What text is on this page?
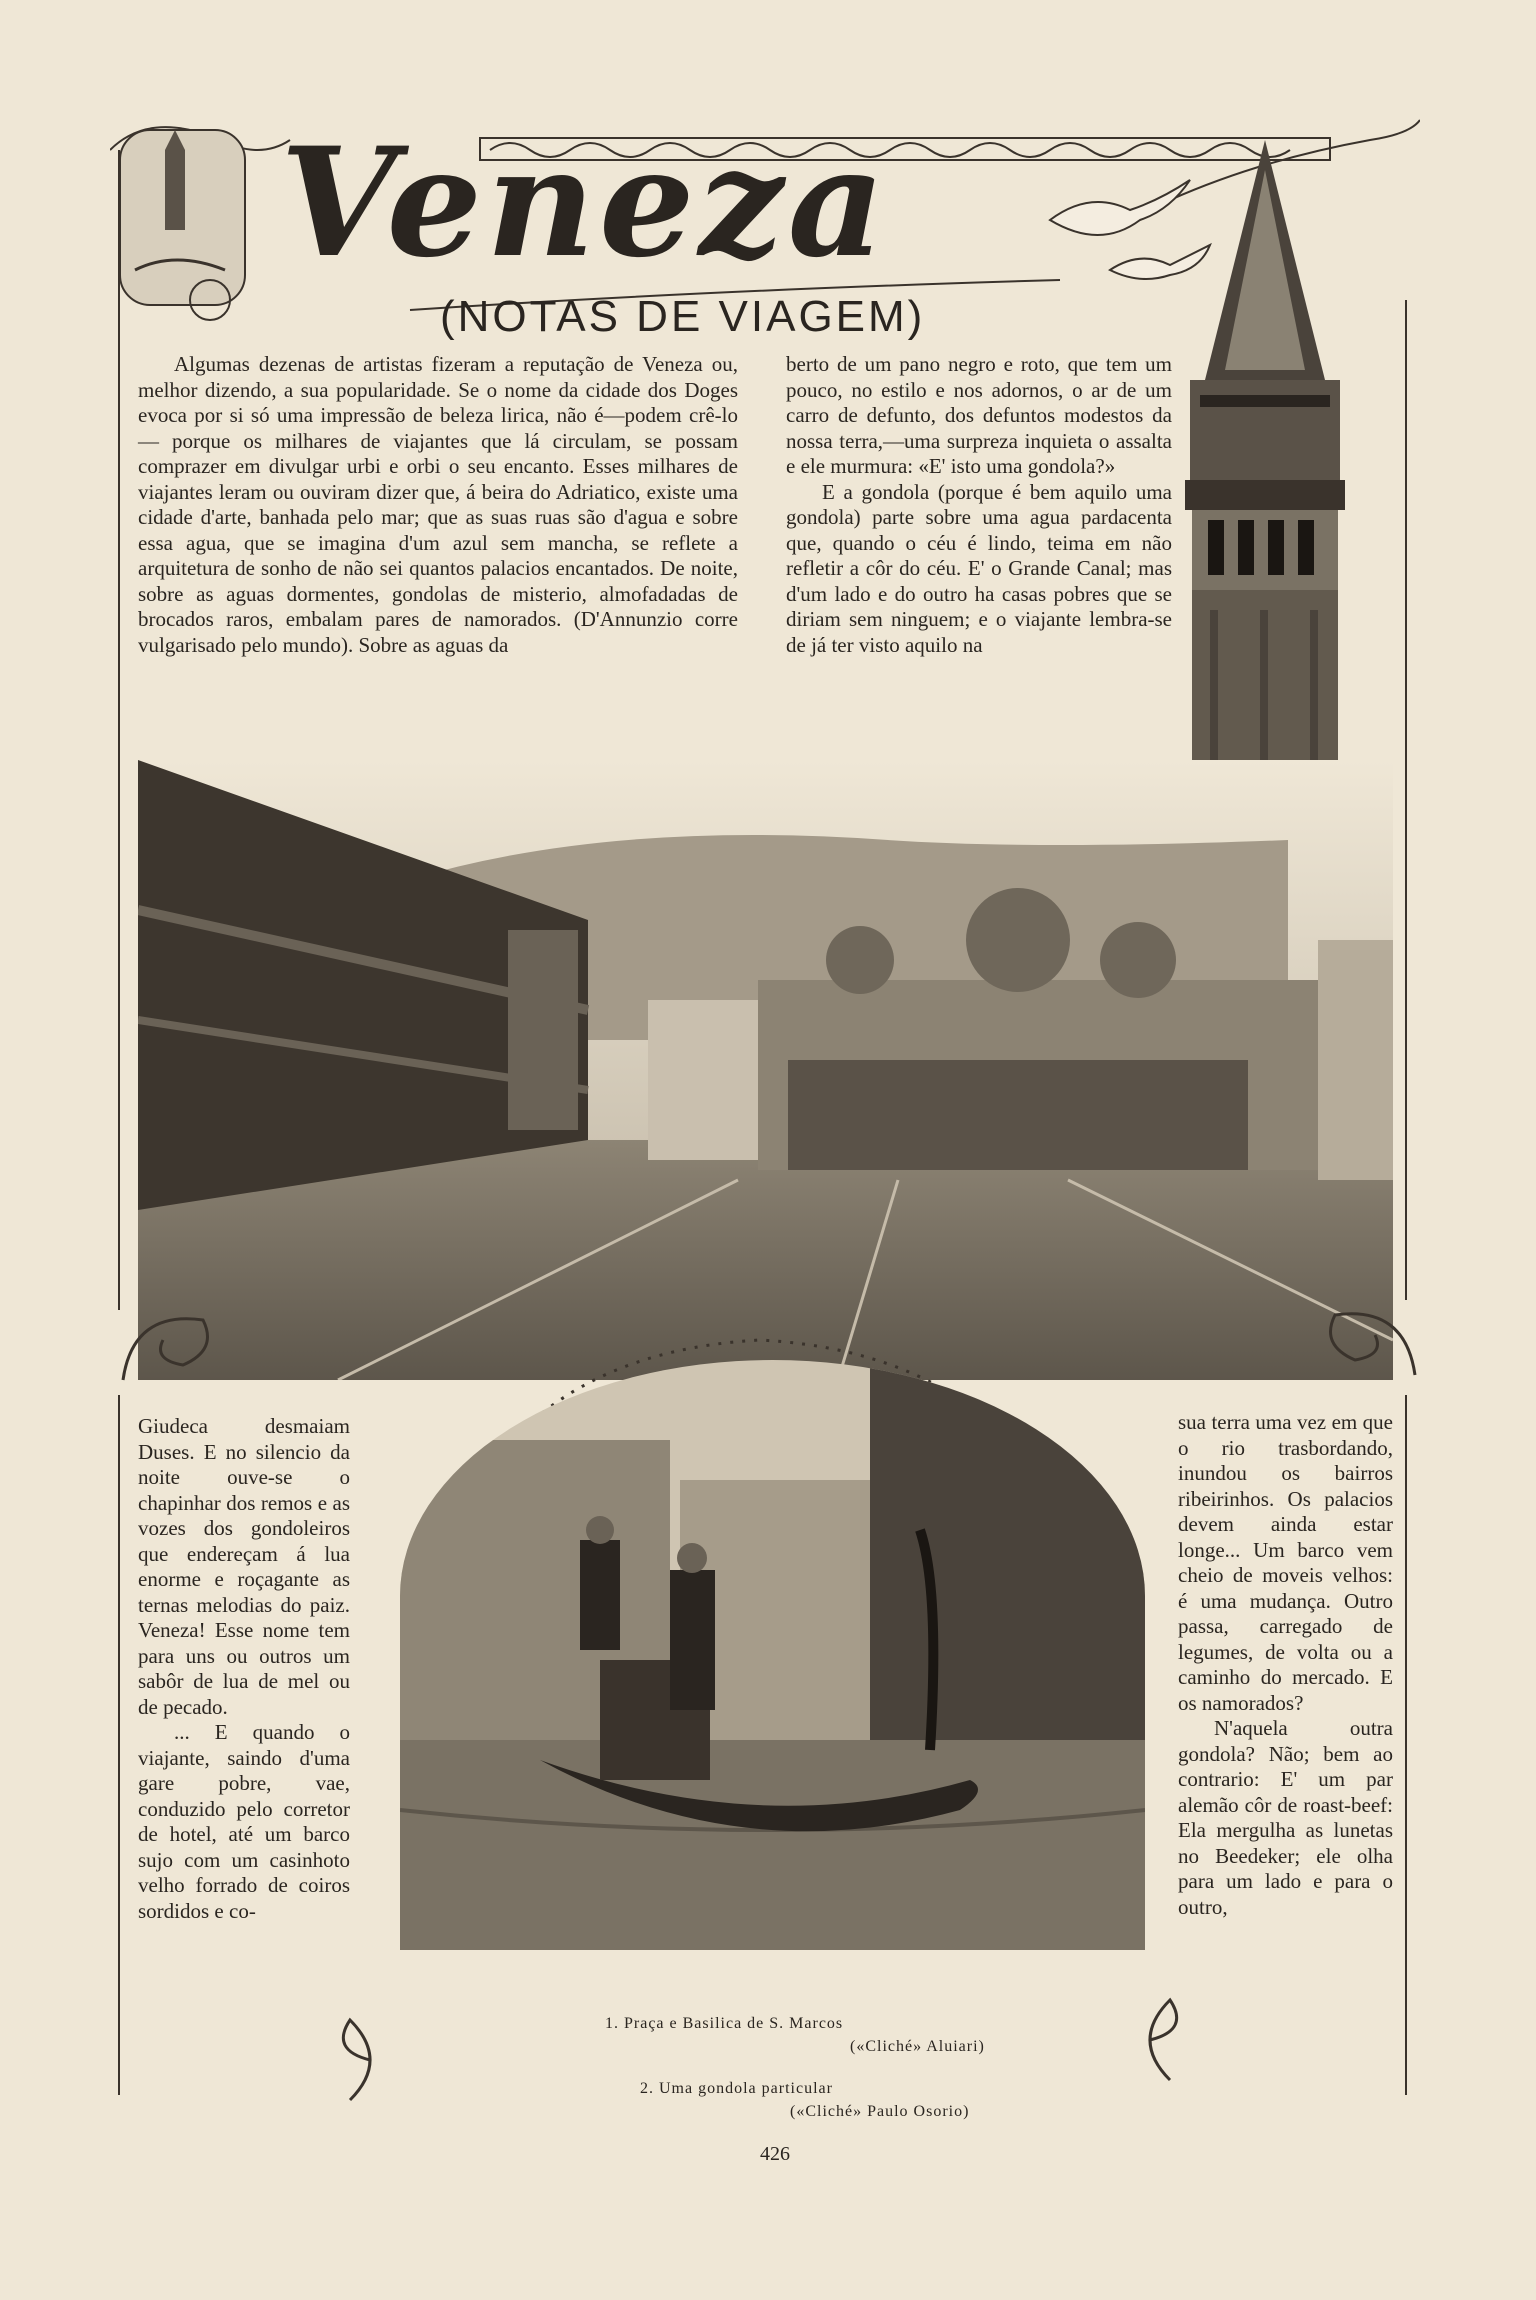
Veneza
(NOTAS DE VIAGEM)

Algumas dezenas de artistas fizeram a reputação de Veneza ou, melhor dizendo, a sua popularidade. Se o nome da cidade dos Doges evoca por si só uma impressão de beleza lirica, não é—podem crê-lo — porque os milhares de viajantes que lá circulam, se possam comprazer em divulgar urbi e orbi o seu encanto. Esses milhares de viajantes leram ou ouviram dizer que, á beira do Adriatico, existe uma cidade d'arte, banhada pelo mar; que as suas ruas são d'agua e sobre essa agua, que se imagina d'um azul sem mancha, se reflete a arquitetura de sonho de não sei quantos palacios encantados. De noite, sobre as aguas dormentes, gondolas de misterio, almofadadas de brocados raros, embalam pares de namorados. (D'Annunzio corre vulgarisado pelo mundo). Sobre as aguas da

berto de um pano negro e roto, que tem um pouco, no estilo e nos adornos, o ar de um carro de defunto, dos defuntos modestos da nossa terra,—uma surpreza inquieta o assalta e ele murmura: «E' isto uma gondola?»

E a gondola (porque é bem aquilo uma gondola) parte sobre uma agua pardacenta que, quando o céu é lindo, teima em não refletir a côr do céu. E' o Grande Canal; mas d'um lado e do outro ha casas pobres que se diriam sem ninguem; e o viajante lembra-se de já ter visto aquilo na

Giudeca desmaiam Duses. E no silencio da noite ouve-se o chapinhar dos remos e as vozes dos gondoleiros que endereçam á lua enorme e roçagante as ternas melodias do paiz. Veneza! Esse nome tem para uns ou outros um sabôr de lua de mel ou de pecado.

... E quando o viajante, saindo d'uma gare pobre, vae, conduzido pelo corretor de hotel, até um barco sujo com um casinhoto velho forrado de coiros sordidos e co-

sua terra uma vez em que o rio trasbordando, inundou os bairros ribeirinhos. Os palacios devem ainda estar longe... Um barco vem cheio de moveis velhos: é uma mudança. Outro passa, carregado de legumes, de volta ou a caminho do mercado. E os namorados?

N'aquela outra gondola? Não; bem ao contrario: E' um par alemão côr de roast-beef: Ela mergulha as lunetas no Beedeker; ele olha para um lado e para o outro,

1. Praça e Basilica de S. Marcos
(«Cliché» Aluiari)
2. Uma gondola particular
(«Cliché» Paulo Osorio)
426
